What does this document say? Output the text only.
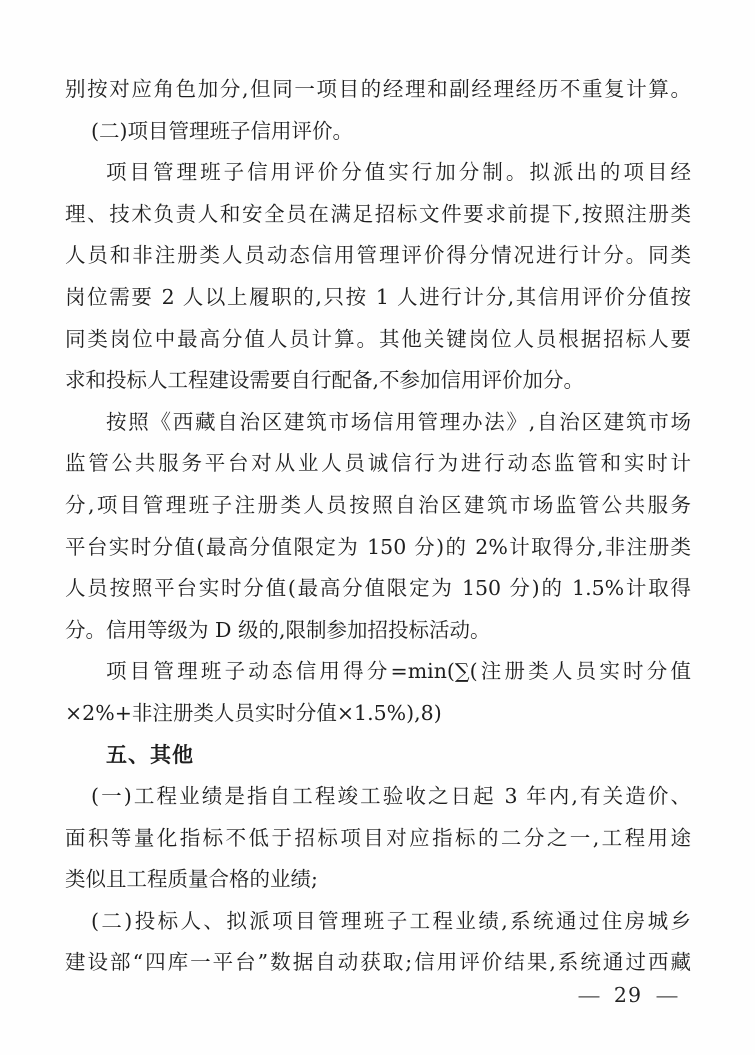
别按对应角色加分,但同一项目的经理和副经理经历不重复计算。
(二)项目管理班子信用评价。
项目管理班子信用评价分值实行加分制。拟派出的项目经
理、技术负责人和安全员在满足招标文件要求前提下,按照注册类
人员和非注册类人员动态信用管理评价得分情况进行计分。同类
岗位需要 2 人以上履职的,只按 1 人进行计分,其信用评价分值按
同类岗位中最高分值人员计算。其他关键岗位人员根据招标人要
求和投标人工程建设需要自行配备,不参加信用评价加分。
按照《西藏自治区建筑市场信用管理办法》,自治区建筑市场
监管公共服务平台对从业人员诚信行为进行动态监管和实时计
分,项目管理班子注册类人员按照自治区建筑市场监管公共服务
平台实时分值(最高分值限定为 150 分)的 2%计取得分,非注册类
人员按照平台实时分值(最高分值限定为 150 分)的 1.5%计取得
分。信用等级为 D 级的,限制参加招投标活动。
项目管理班子动态信用得分=min(∑(注册类人员实时分值
×2%+非注册类人员实时分值×1.5%),8)
五、其他
(一)工程业绩是指自工程竣工验收之日起 3 年内,有关造价、
面积等量化指标不低于招标项目对应指标的二分之一,工程用途
类似且工程质量合格的业绩;
(二)投标人、拟派项目管理班子工程业绩,系统通过住房城乡
建设部“四库一平台”数据自动获取;信用评价结果,系统通过西藏
— 29 —
